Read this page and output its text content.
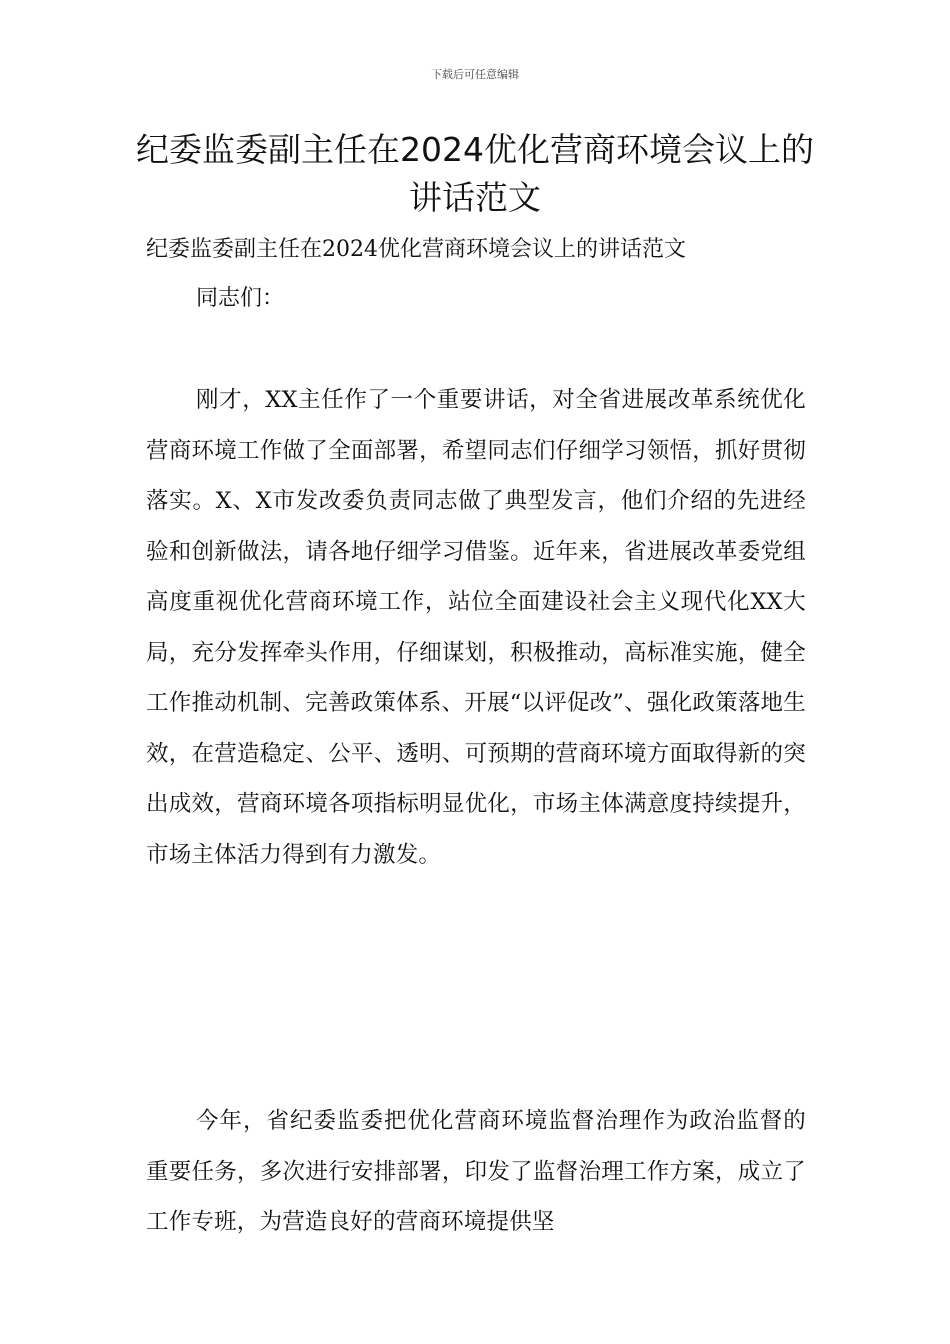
下载后可任意编辑
纪委监委副主任在2024优化营商环境会议上的讲话范文
纪委监委副主任在2024优化营商环境会议上的讲话范文
同志们：

刚才，XX主任作了一个重要讲话，对全省进展改革系统优化营商环境工作做了全面部署，希望同志们仔细学习领悟，抓好贯彻落实。X、X市发改委负责同志做了典型发言，他们介绍的先进经验和创新做法，请各地仔细学习借鉴。近年来，省进展改革委党组高度重视优化营商环境工作，站位全面建设社会主义现代化XX大局，充分发挥牵头作用，仔细谋划，积极推动，高标准实施，健全工作推动机制、完善政策体系、开展“以评促改”、强化政策落地生效，在营造稳定、公平、透明、可预期的营商环境方面取得新的突出成效，营商环境各项指标明显优化，市场主体满意度持续提升，市场主体活力得到有力激发。

今年，省纪委监委把优化营商环境监督治理作为政治监督的重要任务，多次进行安排部署，印发了监督治理工作方案，成立了工作专班，为营造良好的营商环境提供坚
